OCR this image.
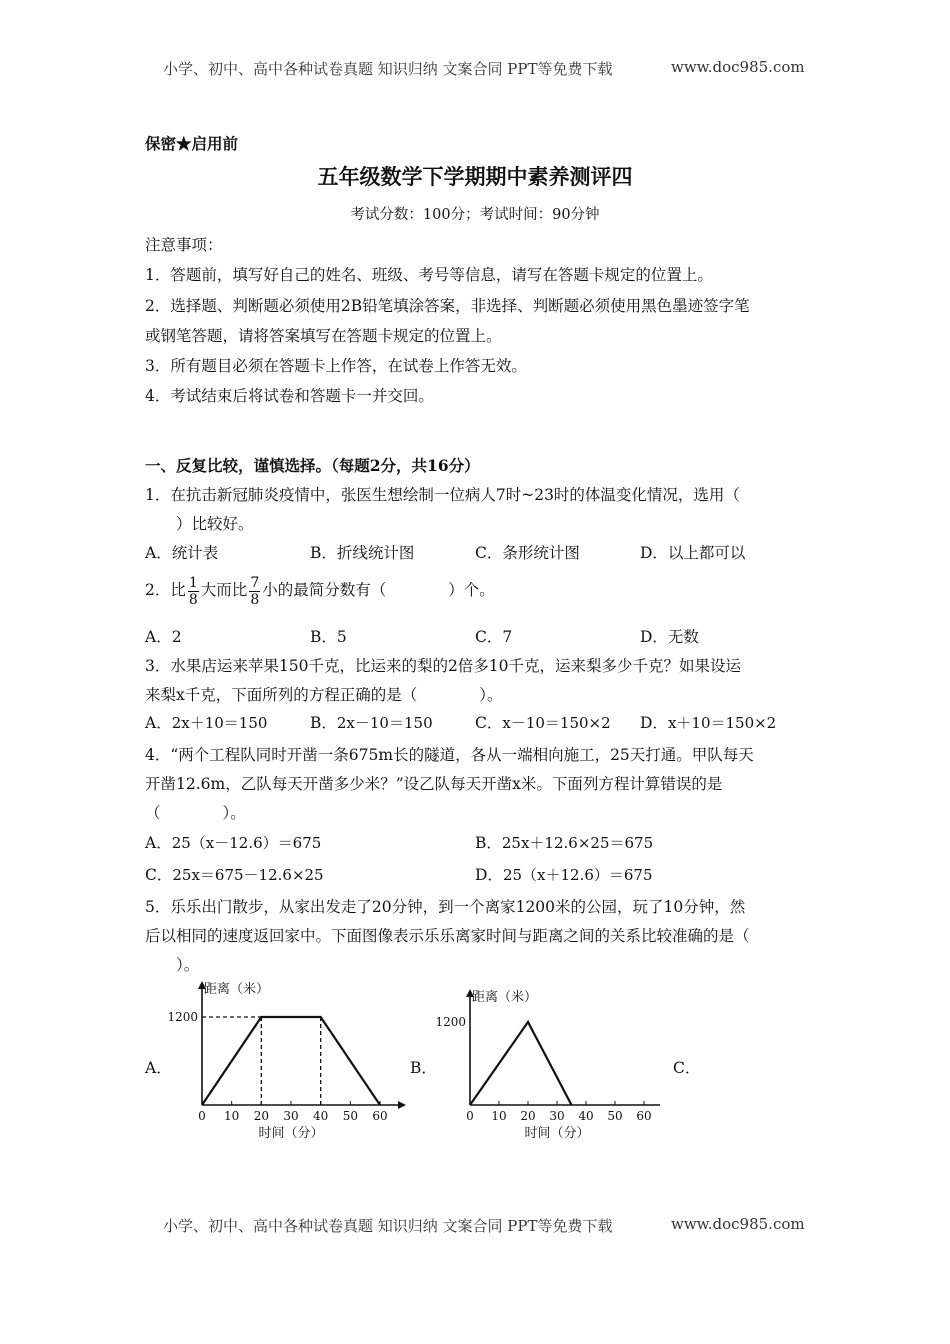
小学、初中、高中各种试卷真题 知识归纳 文案合同 PPT等免费下载	www.doc985.com
保密★启用前
五年级数学下学期期中素养测评四
考试分数：100分；考试时间：90分钟
注意事项：
1．答题前，填写好自己的姓名、班级、考号等信息，请写在答题卡规定的位置上。
2．选择题、判断题必须使用2B铅笔填涂答案，非选择、判断题必须使用黑色墨迹签字笔
或钢笔答题，请将答案填写在答题卡规定的位置上。
3．所有题目必须在答题卡上作答，在试卷上作答无效。
4．考试结束后将试卷和答题卡一并交回。
一、反复比较，谨慎选择。（每题2分，共16分）
1．在抗击新冠肺炎疫情中，张医生想绘制一位病人7时~23时的体温变化情况，选用（
）比较好。
A．统计表	B．折线统计图	C．条形统计图	D．以上都可以
2．比 $\frac{1}{8}$ 大而比 $\frac{7}{8}$ 小的最简分数有（　　　　）个。
A．2	B．5	C．7	D．无数
3．水果店运来苹果150千克，比运来的梨的2倍多10千克，运来梨多少千克？如果设运
来梨x千克，下面所列的方程正确的是（　　　　）。
A．2x＋10＝150	B．2x－10＝150	C．x－10＝150×2 D．x＋10＝150×2
4．“两个工程队同时开凿一条675m长的隧道，各从一端相向施工，25天打通。甲队每天
开凿12.6m，乙队每天开凿多少米？”设乙队每天开凿x米。下面列方程计算错误的是
（　　　　）。
A．25（x－12.6）＝675	B．25x＋12.6×25＝675
C．25x＝675－12.6×25	D．25（x＋12.6）＝675
5．乐乐出门散步，从家出发走了20分钟，到一个离家1200米的公园，玩了10分钟，然
后以相同的速度返回家中。下面图像表示乐乐离家时间与距离之间的关系比较准确的是（
）。
A．	B．	C．
0 10 20 30 40 50 60
1200
距离（米）
时间（分）
0 10 20 30 40 50 60
1200
距离（米）
时间（分）
小学、初中、高中各种试卷真题 知识归纳 文案合同 PPT等免费下载	www.doc985.com
